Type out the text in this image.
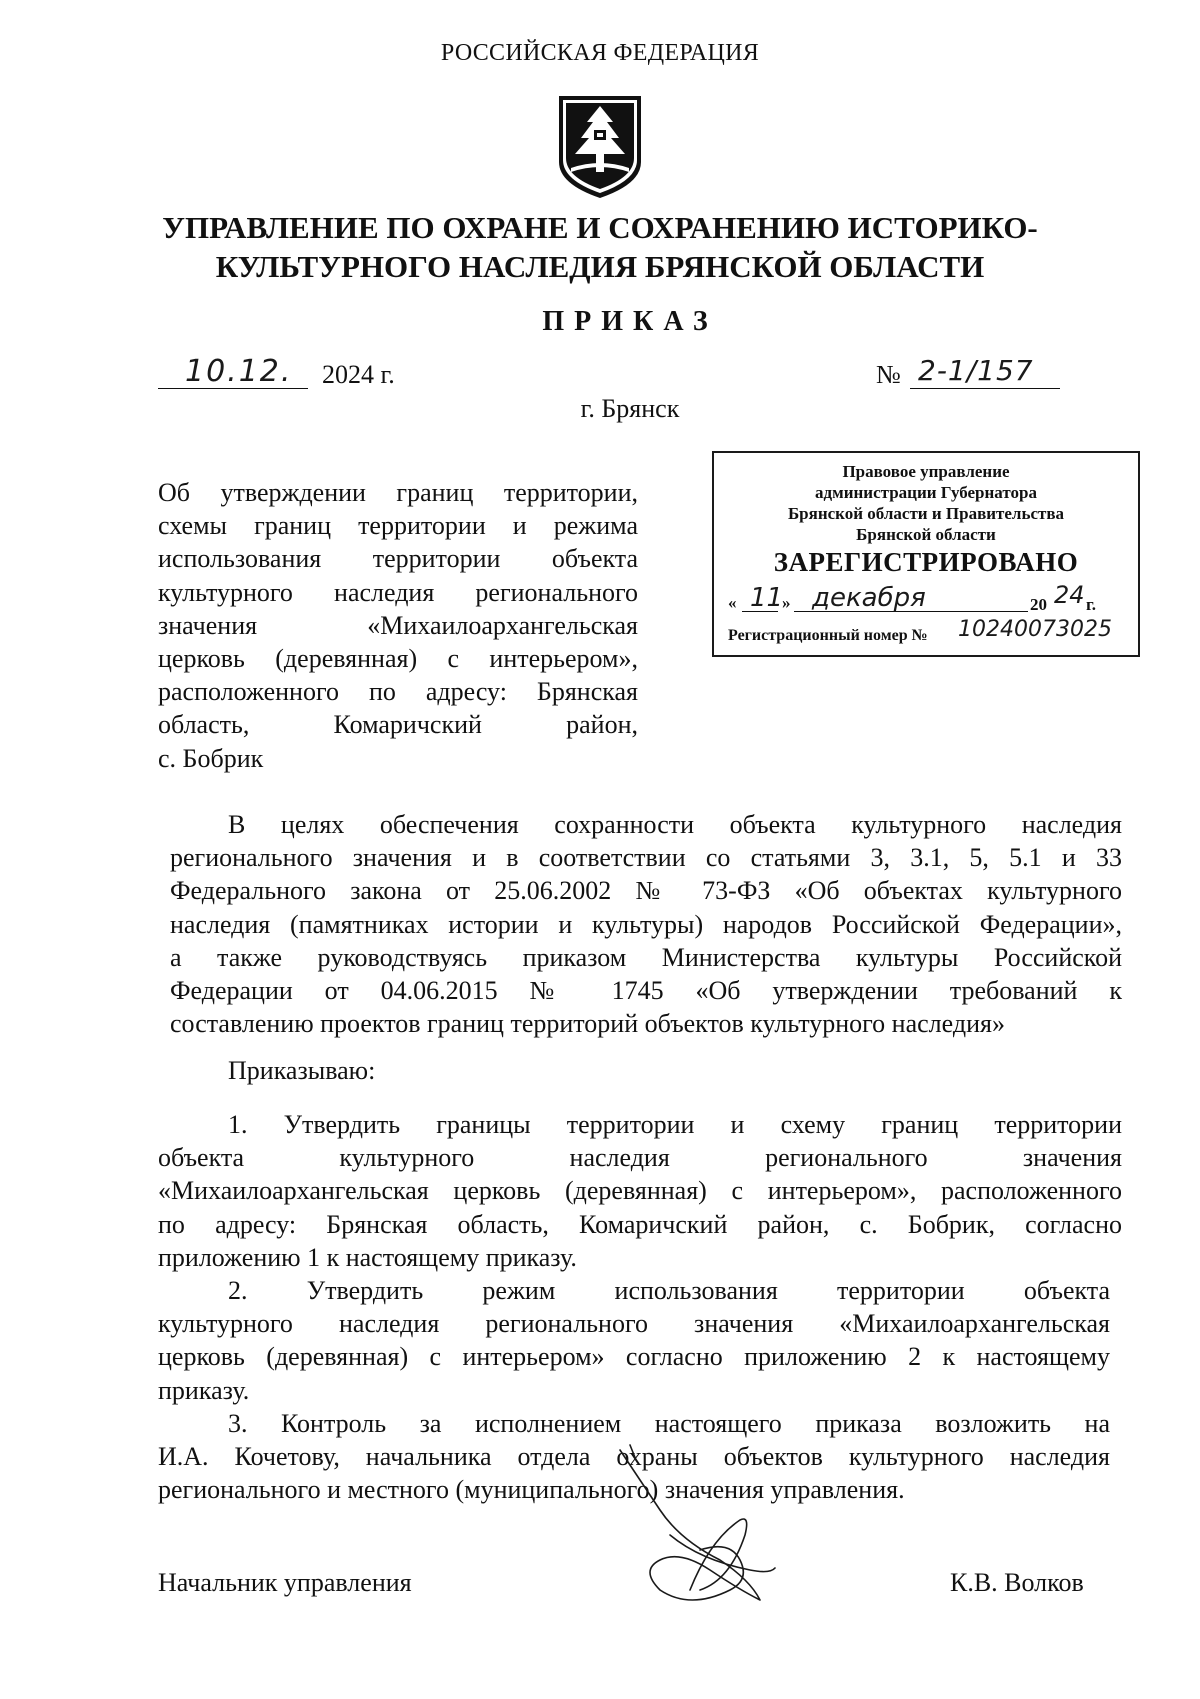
РОССИЙСКАЯ ФЕДЕРАЦИЯ
УПРАВЛЕНИЕ ПО ОХРАНЕ И СОХРАНЕНИЮ ИСТОРИКО-
КУЛЬТУРНОГО НАСЛЕДИЯ БРЯНСКОЙ ОБЛАСТИ
ПРИКАЗ
10.12. 2024 г.	№ 2-1/157
г. Брянск
Правовое управление
администрации Губернатора
Брянской области и Правительства
Брянской области
ЗАРЕГИСТРИРОВАНО
« 11
» декабря	20 24 г.
Регистрационный номер № 10240073025
Об утверждении границ территории,
схемы границ территории и режима
использования территории объекта
культурного наследия регионального
значения «Михаилоархангельская
церковь (деревянная) с интерьером»,
расположенного по адресу: Брянская
область, Комаричский район,
с. Бобрик
В целях обеспечения сохранности объекта культурного наследия
регионального значения и в соответствии со статьями 3, 3.1, 5, 5.1 и 33
Федерального закона от 25.06.2002 № 73-ФЗ «Об объектах культурного
наследия (памятниках истории и культуры) народов Российской Федерации»,
а также руководствуясь приказом Министерства культуры Российской
Федерации от 04.06.2015 № 1745 «Об утверждении требований к
составлению проектов границ территорий объектов культурного наследия»
Приказываю:
1. Утвердить границы территории и схему границ территории
объекта культурного наследия регионального значения
«Михаилоархангельская церковь (деревянная) с интерьером», расположенного
по адресу: Брянская область, Комаричский район, с. Бобрик, согласно
приложению 1 к настоящему приказу.
2. Утвердить режим использования территории объекта
культурного наследия регионального значения «Михаилоархангельская
церковь (деревянная) с интерьером» согласно приложению 2 к настоящему
приказу.
3. Контроль за исполнением настоящего приказа возложить на
И.А. Кочетову, начальника отдела охраны объектов культурного наследия
регионального и местного (муниципального) значения управления.
Начальник управления	К.В. Волков
